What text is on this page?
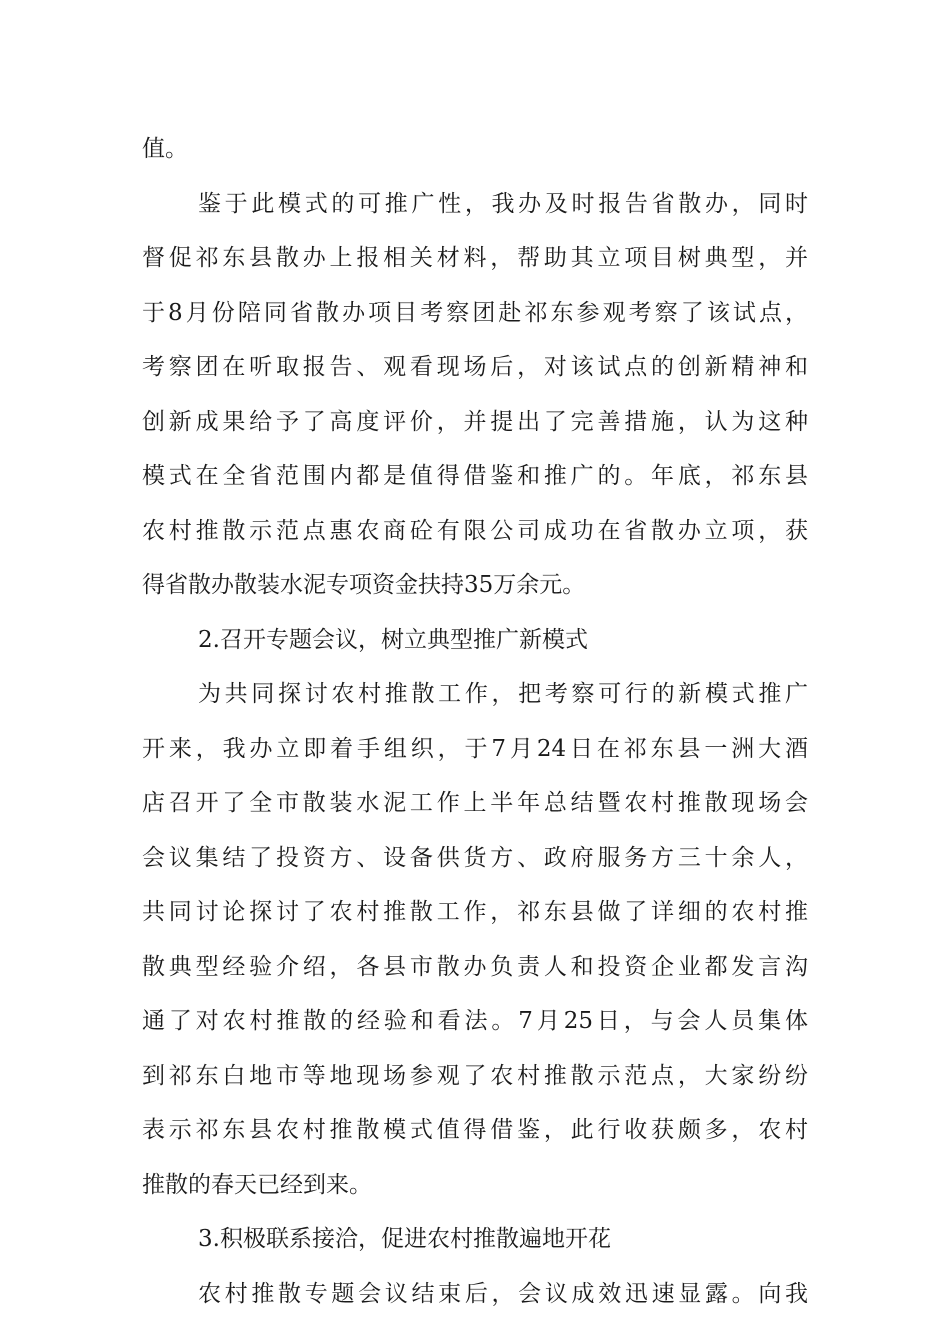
值。
鉴于此模式的可推广性，我办及时报告省散办，同时
督促祁东县散办上报相关材料，帮助其立项目树典型，并
于8月份陪同省散办项目考察团赴祁东参观考察了该试点，
考察团在听取报告、观看现场后，对该试点的创新精神和
创新成果给予了高度评价，并提出了完善措施，认为这种
模式在全省范围内都是值得借鉴和推广的。年底，祁东县
农村推散示范点惠农商砼有限公司成功在省散办立项，获
得省散办散装水泥专项资金扶持35万余元。
2.召开专题会议，树立典型推广新模式
为共同探讨农村推散工作，把考察可行的新模式推广
开来，我办立即着手组织，于7月24日在祁东县一洲大酒
店召开了全市散装水泥工作上半年总结暨农村推散现场会
会议集结了投资方、设备供货方、政府服务方三十余人，
共同讨论探讨了农村推散工作，祁东县做了详细的农村推
散典型经验介绍，各县市散办负责人和投资企业都发言沟
通了对农村推散的经验和看法。7月25日，与会人员集体
到祁东白地市等地现场参观了农村推散示范点，大家纷纷
表示祁东县农村推散模式值得借鉴，此行收获颇多，农村
推散的春天已经到来。
3.积极联系接洽，促进农村推散遍地开花
农村推散专题会议结束后，会议成效迅速显露。向我
